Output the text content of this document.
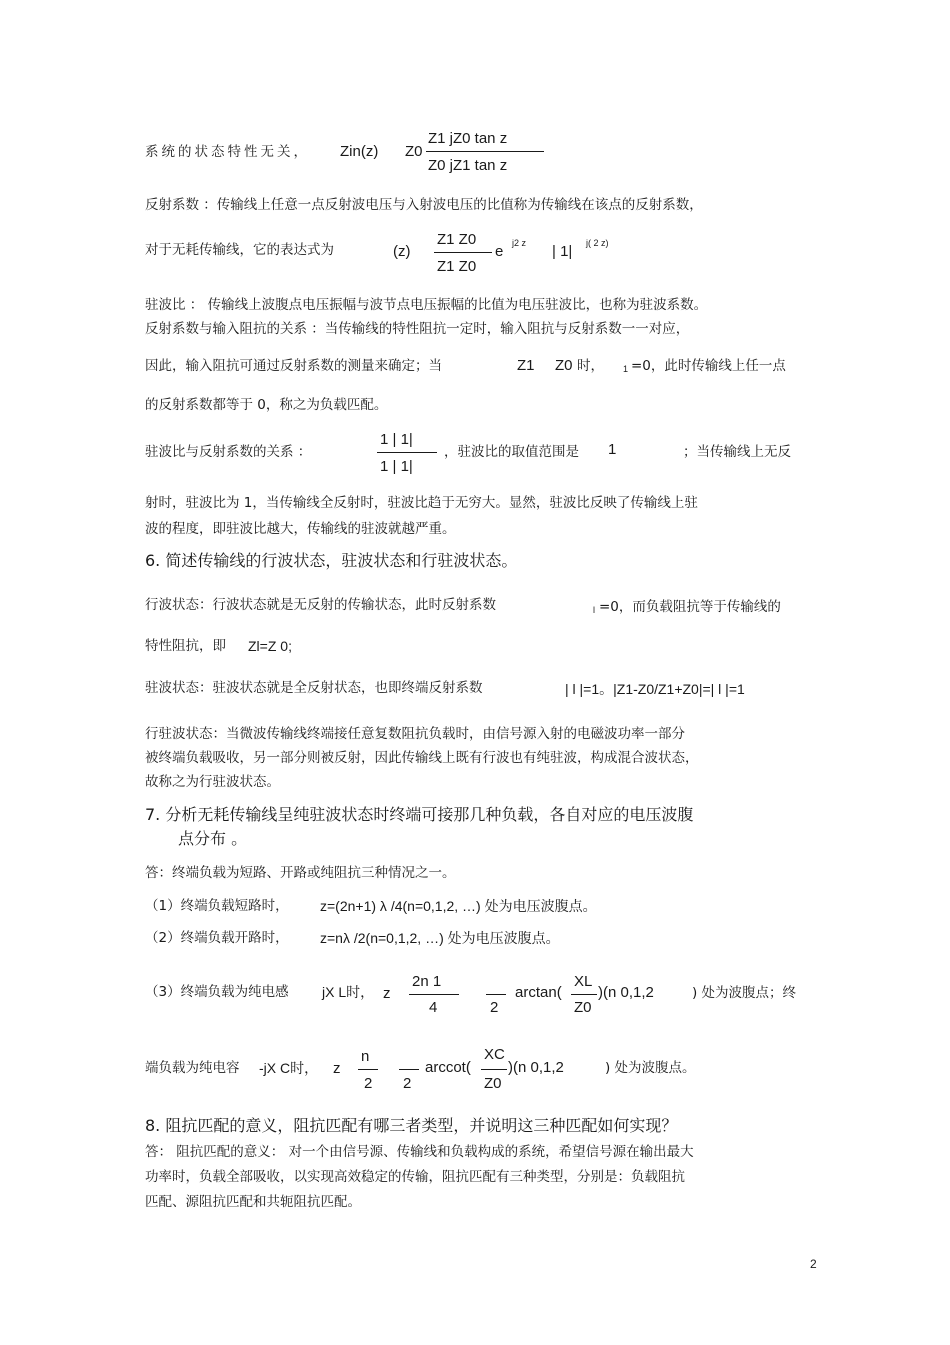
系统的状态特性无关， Zin(z) Z0
Z1 jZ0 tan z
Z0 jZ1 tan z
反射系数 ：传输线上任意一点反射波电压与入射波电压的比值称为传输线在该点的反射系数，
对于无耗传输线，它的表达式为	(z)
Z1 Z0
Z1 Z0
e j2 z | 1| j( 2 z)
驻波比 ： 传输线上波腹点电压振幅与波节点电压振幅的比值为电压驻波比，也称为驻波系数。
反射系数与输入阻抗的关系 ：当传输线的特性阻抗一定时，输入阻抗与反射系数一一对应，
因此，输入阻抗可通过反射系数的测量来确定；当	Z1 Z0 时， 1 =0，此时传输线上任一点
的反射系数都等于 0，称之为负载匹配。
驻波比与反射系数的关系 ：
1 | 1|
1 | 1|
，驻波比的取值范围是 1	；当传输线上无反
射时，驻波比为 1，当传输线全反射时，驻波比趋于无穷大。显然，驻波比反映了传输线上驻
波的程度，即驻波比越大，传输线的驻波就越严重。
6. 简述传输线的行波状态，驻波状态和行驻波状态。
行波状态：行波状态就是无反射的传输状态，此时反射系数	l =0，而负载阻抗等于传输线的
特性阻抗，即 Zl=Z 0;
驻波状态：驻波状态就是全反射状态，也即终端反射系数	| l |=1。|Z1-Z0/Z1+Z0|=| l |=1
行驻波状态：当微波传输线终端接任意复数阻抗负载时，由信号源入射的电磁波功率一部分
被终端负载吸收，另一部分则被反射，因此传输线上既有行波也有纯驻波，构成混合波状态，
故称之为行驻波状态。
7. 分析无耗传输线呈纯驻波状态时终端可接那几种负载，各自对应的电压波腹
点分布 。
答：终端负载为短路、开路或纯阻抗三种情况之一。
（1）终端负载短路时， z=(2n+1) λ /4(n=0,1,2, …) 处为电压波腹点。
（2）终端负载开路时， z=nλ /2(n=0,1,2, …) 处为电压波腹点。
（3）终端负载为纯电感 jX L时， z
2n 1
4	2
arctan(
XL
Z0
)(n 0,1,2	) 处为波腹点；终
端负载为纯电容 -jX C时， z
n
2 2
arccot(
XC
Z0
)(n 0,1,2	) 处为波腹点。
8. 阻抗匹配的意义，阻抗匹配有哪三者类型，并说明这三种匹配如何实现？
答： 阻抗匹配的意义： 对一个由信号源、传输线和负载构成的系统，希望信号源在输出最大
功率时，负载全部吸收，以实现高效稳定的传输，阻抗匹配有三种类型，分别是：负载阻抗
匹配、源阻抗匹配和共轭阻抗匹配。
2
